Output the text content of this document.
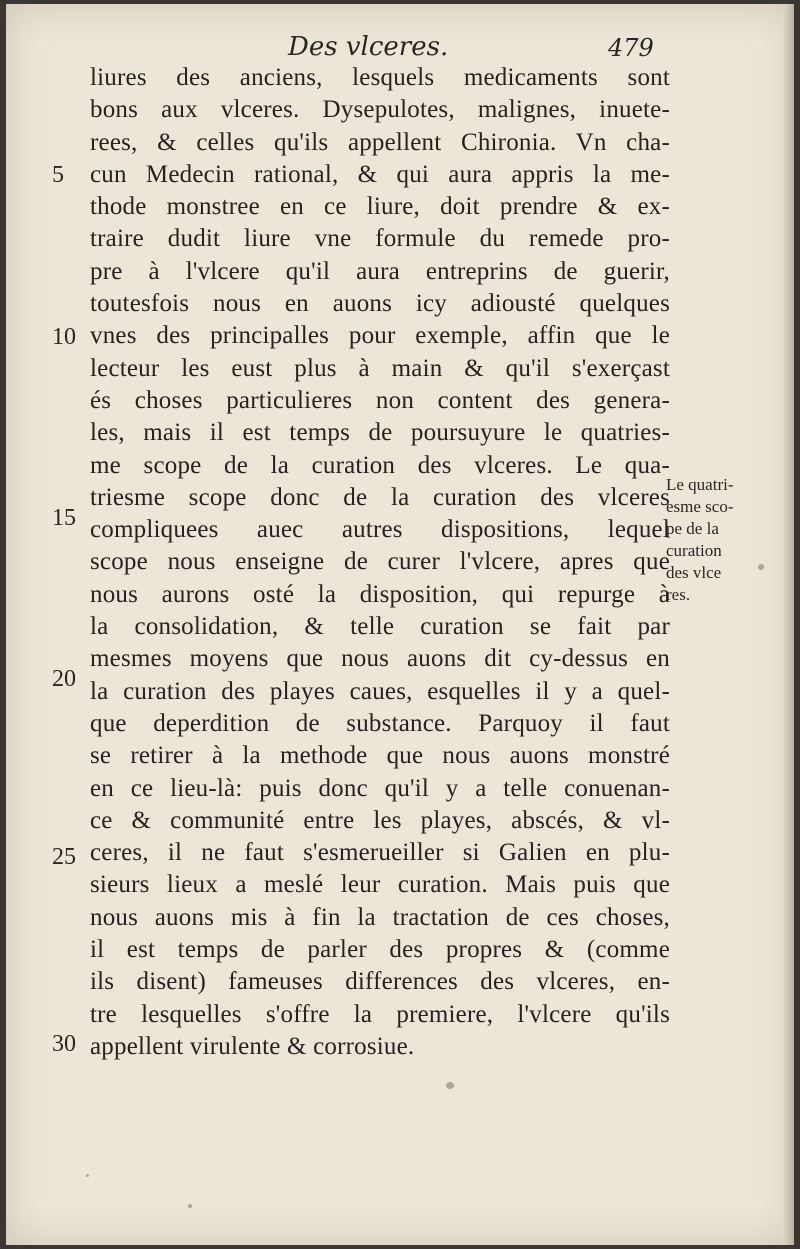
Des vlceres.	479
liures des anciens, lesquels medicaments sont
bons aux vlceres. Dysepulotes, malignes, inuete-
rees, & celles qu'ils appellent Chironia. Vn cha-
cun Medecin rational, & qui aura appris la me-
thode monstree en ce liure, doit prendre & ex-
traire dudit liure vne formule du remede pro-
pre à l'vlcere qu'il aura entreprins de guerir,
toutesfois nous en auons icy adiousté quelques
vnes des principalles pour exemple, affin que le
lecteur les eust plus à main & qu'il s'exerçast
és choses particulieres non content des genera-
les, mais il est temps de poursuyure le quatries-
me scope de la curation des vlceres. Le qua-
triesme scope donc de la curation des vlceres
compliquees auec autres dispositions, lequel
scope nous enseigne de curer l'vlcere, apres que
nous aurons osté la disposition, qui repurge à
la consolidation, & telle curation se fait par
mesmes moyens que nous auons dit cy-dessus en
la curation des playes caues, esquelles il y a quel-
que deperdition de substance. Parquoy il faut
se retirer à la methode que nous auons monstré
en ce lieu-là: puis donc qu'il y a telle conuenan-
ce & communité entre les playes, abscés, & vl-
ceres, il ne faut s'esmerueiller si Galien en plu-
sieurs lieux a meslé leur curation. Mais puis que
nous auons mis à fin la tractation de ces choses,
il est temps de parler des propres & (comme
ils disent) fameuses differences des vlceres, en-
tre lesquelles s'offre la premiere, l'vlcere qu'ils
appellent virulente & corrosiue.
5
10
15
20
25
30
Le quatri-
esme sco-
pe de la
curation
des vlce
res.
